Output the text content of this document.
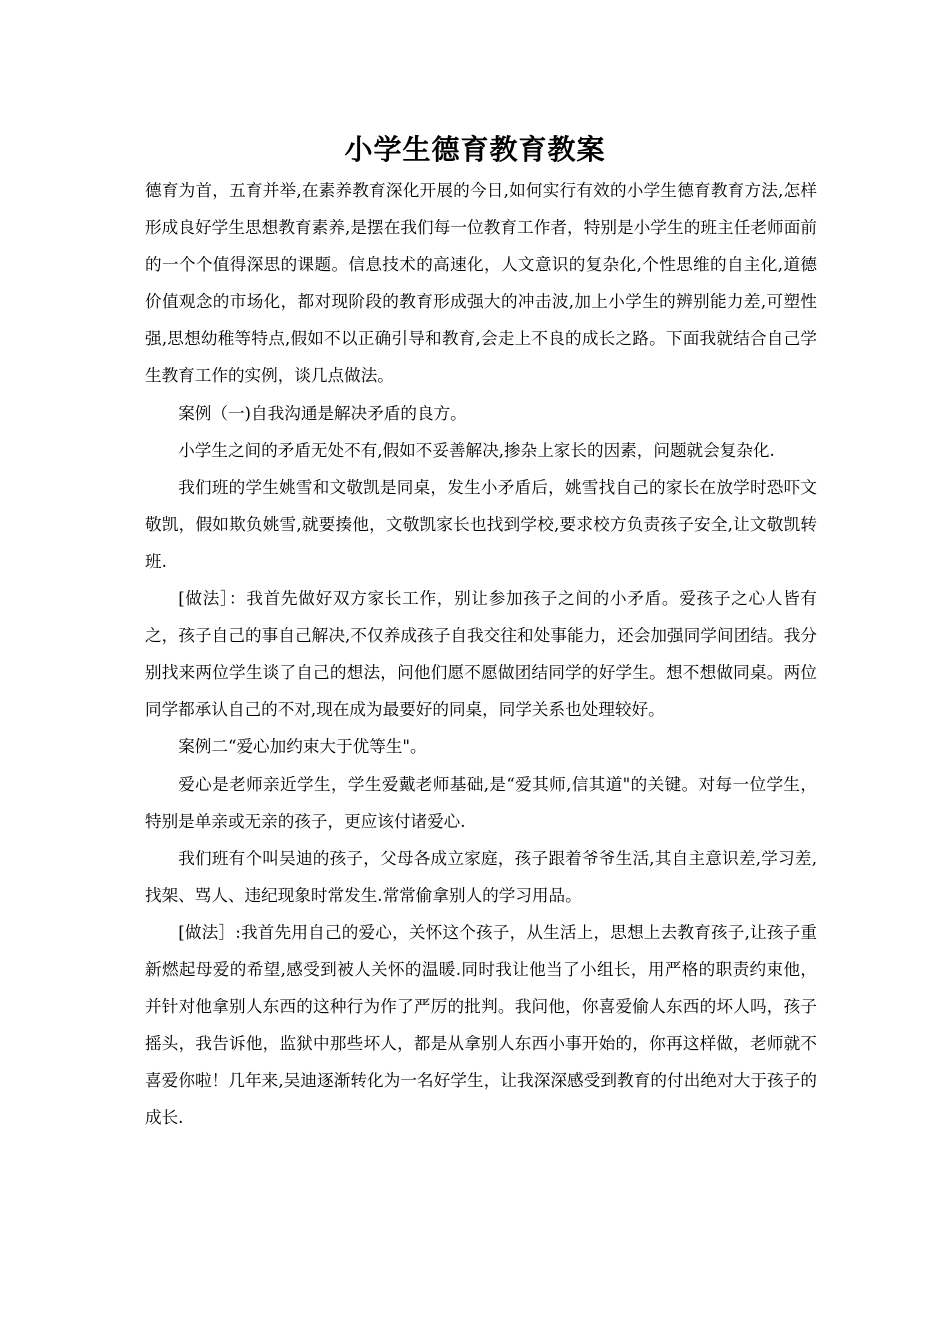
小学生德育教育教案

德育为首，五育并举,在素养教育深化开展的今日,如何实行有效的小学生德育教育方法,怎样形成良好学生思想教育素养,是摆在我们每一位教育工作者，特别是小学生的班主任老师面前的一个个值得深思的课题。信息技术的高速化，人文意识的复杂化,个性思维的自主化,道德价值观念的市场化，都对现阶段的教育形成强大的冲击波,加上小学生的辨别能力差,可塑性强,思想幼稚等特点,假如不以正确引导和教育,会走上不良的成长之路。下面我就结合自己学生教育工作的实例，谈几点做法。

案例（一)自我沟通是解决矛盾的良方。

小学生之间的矛盾无处不有,假如不妥善解决,掺杂上家长的因素，问题就会复杂化.

我们班的学生姚雪和文敬凯是同桌，发生小矛盾后，姚雪找自己的家长在放学时恐吓文敬凯，假如欺负姚雪,就要揍他，文敬凯家长也找到学校,要求校方负责孩子安全,让文敬凯转班.

[做法］：我首先做好双方家长工作，别让参加孩子之间的小矛盾。爱孩子之心人皆有之，孩子自己的事自己解决,不仅养成孩子自我交往和处事能力，还会加强同学间团结。我分别找来两位学生谈了自己的想法，问他们愿不愿做团结同学的好学生。想不想做同桌。两位同学都承认自己的不对,现在成为最要好的同桌，同学关系也处理较好。

案例二“爱心加约束大于优等生"。

爱心是老师亲近学生，学生爱戴老师基础,是“爱其师,信其道"的关键。对每一位学生，特别是单亲或无亲的孩子，更应该付诸爱心.

我们班有个叫吴迪的孩子，父母各成立家庭，孩子跟着爷爷生活,其自主意识差,学习差,找架、骂人、违纪现象时常发生.常常偷拿别人的学习用品。

[做法］:我首先用自己的爱心，关怀这个孩子，从生活上，思想上去教育孩子,让孩子重新燃起母爱的希望,感受到被人关怀的温暖.同时我让他当了小组长，用严格的职责约束他，并针对他拿别人东西的这种行为作了严厉的批判。我问他，你喜爱偷人东西的坏人吗，孩子摇头，我告诉他，监狱中那些坏人，都是从拿别人东西小事开始的，你再这样做，老师就不喜爱你啦！几年来,吴迪逐渐转化为一名好学生，让我深深感受到教育的付出绝对大于孩子的成长.
